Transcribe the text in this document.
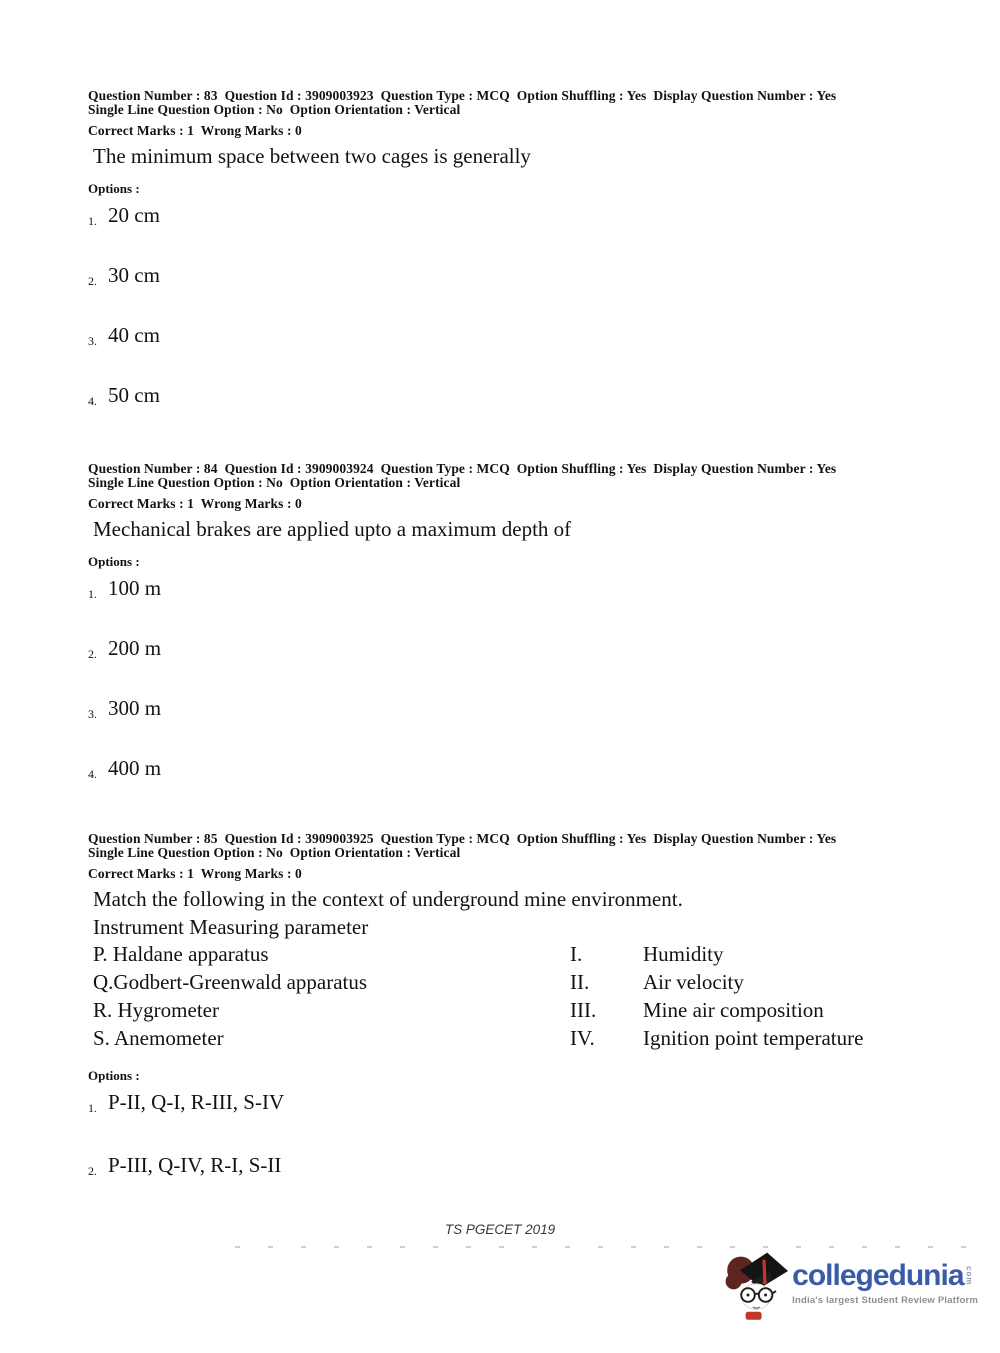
Question Number : 83  Question Id : 3909003923  Question Type : MCQ  Option Shuffling : Yes  Display Question Number : Yes
Single Line Question Option : No  Option Orientation : Vertical
Correct Marks : 1  Wrong Marks : 0
The minimum space between two cages is generally
Options :
1. 20 cm
2. 30 cm
3. 40 cm
4. 50 cm
Question Number : 84  Question Id : 3909003924  Question Type : MCQ  Option Shuffling : Yes  Display Question Number : Yes
Single Line Question Option : No  Option Orientation : Vertical
Correct Marks : 1  Wrong Marks : 0
Mechanical brakes are applied upto a maximum depth of
Options :
1. 100 m
2. 200 m
3. 300 m
4. 400 m
Question Number : 85  Question Id : 3909003925  Question Type : MCQ  Option Shuffling : Yes  Display Question Number : Yes
Single Line Question Option : No  Option Orientation : Vertical
Correct Marks : 1  Wrong Marks : 0
Match the following in the context of underground mine environment.
Instrument Measuring parameter
P. Haldane apparatus	I.	Humidity
Q.Godbert-Greenwald apparatus	II.	Air velocity
R. Hygrometer	III.	Mine air composition
S. Anemometer	IV.	Ignition point temperature
Options :
1. P-II, Q-I, R-III, S-IV
2. P-III, Q-IV, R-I, S-II
TS PGECET 2019
collegedunia com
India's largest Student Review Platform
